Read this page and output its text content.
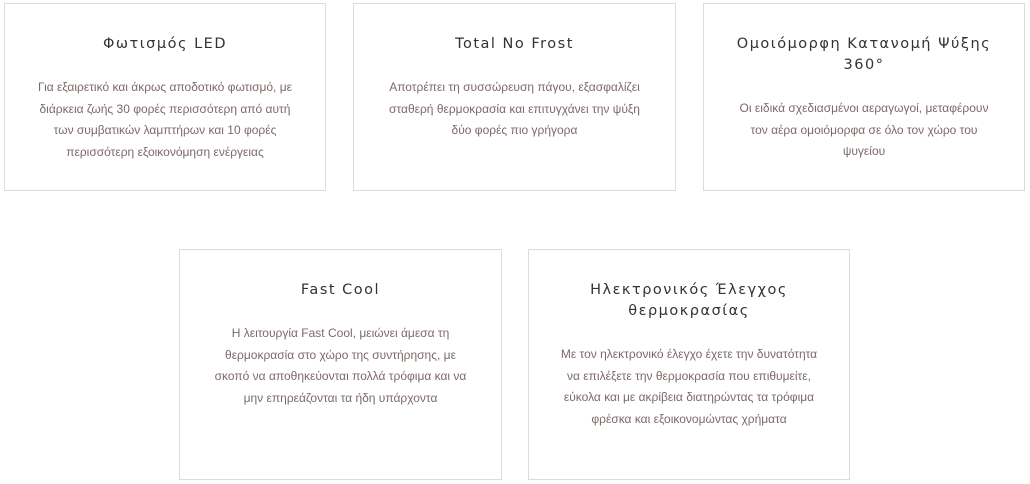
Φωτισμός LED

Για εξαιρετικό και άκρως αποδοτικό φωτισμό, με διάρκεια ζωής 30 φορές περισσότερη από αυτή των συμβατικών λαμπτήρων και 10 φορές περισσότερη εξοικονόμηση ενέργειας

Total No Frost

Αποτρέπει τη συσσώρευση πάγου, εξασφαλίζει σταθερή θερμοκρασία και επιτυγχάνει την ψύξη δύο φορές πιο γρήγορα

Ομοιόμορφη Κατανομή Ψύξης 360°

Οι ειδικά σχεδιασμένοι αεραγωγοί, μεταφέρουν τον αέρα ομοιόμορφα σε όλο τον χώρο του ψυγείου

Fast Cool

Η λειτουργία Fast Cool, μειώνει άμεσα τη θερμοκρασία στο χώρο της συντήρησης, με σκοπό να αποθηκεύονται πολλά τρόφιμα και να μην επηρεάζονται τα ήδη υπάρχοντα

Ηλεκτρονικός Έλεγχος θερμοκρασίας

Με τον ηλεκτρονικό έλεγχο έχετε την δυνατότητα να επιλέξετε την θερμοκρασία που επιθυμείτε, εύκολα και με ακρίβεια διατηρώντας τα τρόφιμα φρέσκα και εξοικονομώντας χρήματα
